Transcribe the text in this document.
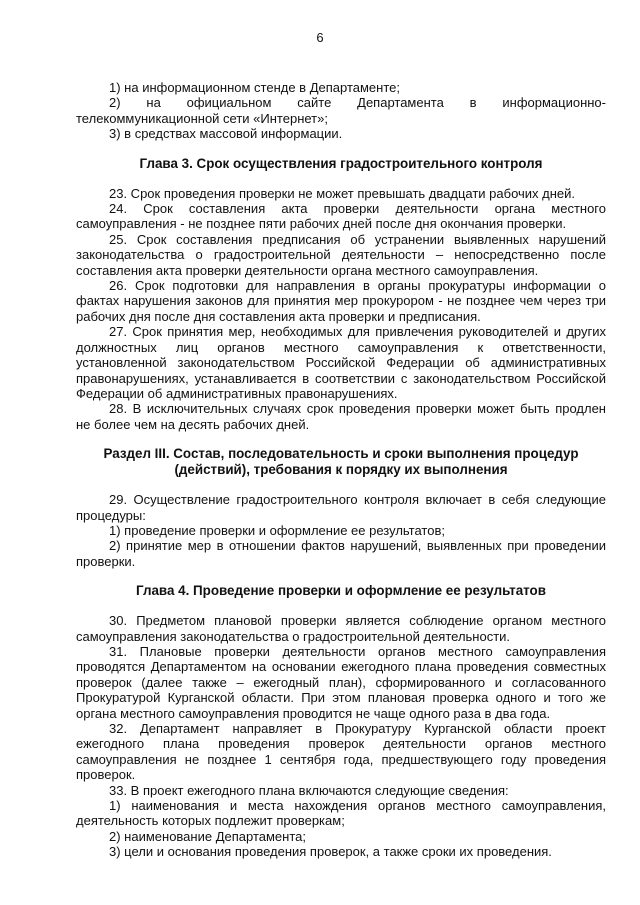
6

1) на информационном стенде в Департаменте;

2) на официальном сайте Департамента в информационно-телекоммуникационной сети «Интернет»;

3) в средствах массовой информации.

Глава 3. Срок осуществления градостроительного контроля

23. Срок проведения проверки не может превышать двадцати рабочих дней.

24. Срок составления акта проверки деятельности органа местного самоуправления - не позднее пяти рабочих дней после дня окончания проверки.

25. Срок составления предписания об устранении выявленных нарушений законодательства о градостроительной деятельности – непосредственно после составления акта проверки деятельности органа местного самоуправления.

26. Срок подготовки для направления в органы прокуратуры информации о фактах нарушения законов для принятия мер прокурором - не позднее чем через три рабочих дня после дня составления акта проверки и предписания.

27. Срок принятия мер, необходимых для привлечения руководителей и других должностных лиц органов местного самоуправления к ответственности, установленной законодательством Российской Федерации об административных правонарушениях, устанавливается в соответствии с законодательством Российской Федерации об административных правонарушениях.

28. В исключительных случаях срок проведения проверки может быть продлен не более чем на десять рабочих дней.

Раздел III. Состав, последовательность и сроки выполнения процедур
(действий), требования к порядку их выполнения

29. Осуществление градостроительного контроля включает в себя следующие процедуры:

1) проведение проверки и оформление ее результатов;

2) принятие мер в отношении фактов нарушений, выявленных при проведении проверки.

Глава 4. Проведение проверки и оформление ее результатов

30. Предметом плановой проверки является соблюдение органом местного самоуправления законодательства о градостроительной деятельности.

31. Плановые проверки деятельности органов местного самоуправления проводятся Департаментом на основании ежегодного плана проведения совместных проверок (далее также – ежегодный план), сформированного и согласованного Прокуратурой Курганской области. При этом плановая проверка одного и того же органа местного самоуправления проводится не чаще одного раза в два года.

32. Департамент направляет в Прокуратуру Курганской области проект ежегодного плана проведения проверок деятельности органов местного самоуправления не позднее 1 сентября года, предшествующего году проведения проверок.

33. В проект ежегодного плана включаются следующие сведения:

1) наименования и места нахождения органов местного самоуправления, деятельность которых подлежит проверкам;

2) наименование Департамента;

3) цели и основания проведения проверок, а также сроки их проведения.
